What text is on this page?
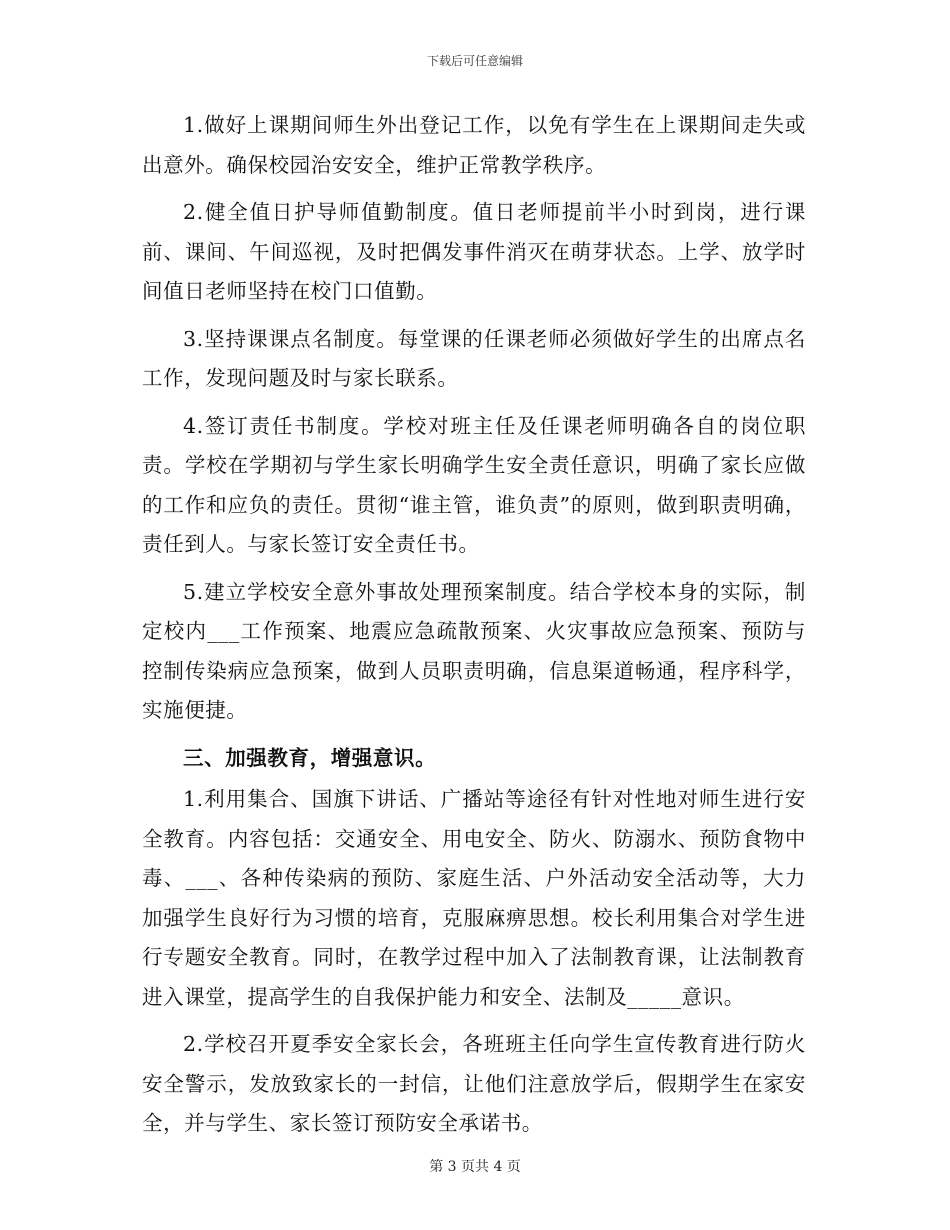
下载后可任意编辑

1.做好上课期间师生外出登记工作，以免有学生在上课期间走失或出意外。确保校园治安安全，维护正常教学秩序。

2.健全值日护导师值勤制度。值日老师提前半小时到岗，进行课前、课间、午间巡视，及时把偶发事件消灭在萌芽状态。上学、放学时间值日老师坚持在校门口值勤。

3.坚持课课点名制度。每堂课的任课老师必须做好学生的出席点名工作，发现问题及时与家长联系。

4.签订责任书制度。学校对班主任及任课老师明确各自的岗位职责。学校在学期初与学生家长明确学生安全责任意识，明确了家长应做的工作和应负的责任。贯彻“谁主管，谁负责”的原则，做到职责明确，责任到人。与家长签订安全责任书。

5.建立学校安全意外事故处理预案制度。结合学校本身的实际，制定校内___工作预案、地震应急疏散预案、火灾事故应急预案、预防与控制传染病应急预案，做到人员职责明确，信息渠道畅通，程序科学，实施便捷。

三、加强教育，增强意识。

1.利用集合、国旗下讲话、广播站等途径有针对性地对师生进行安全教育。内容包括：交通安全、用电安全、防火、防溺水、预防食物中毒、___、各种传染病的预防、家庭生活、户外活动安全活动等，大力加强学生良好行为习惯的培育，克服麻痹思想。校长利用集合对学生进行专题安全教育。同时，在教学过程中加入了法制教育课，让法制教育进入课堂，提高学生的自我保护能力和安全、法制及_____意识。

2.学校召开夏季安全家长会，各班班主任向学生宣传教育进行防火安全警示，发放致家长的一封信，让他们注意放学后，假期学生在家安全，并与学生、家长签订预防安全承诺书。

第 3 页共 4 页
